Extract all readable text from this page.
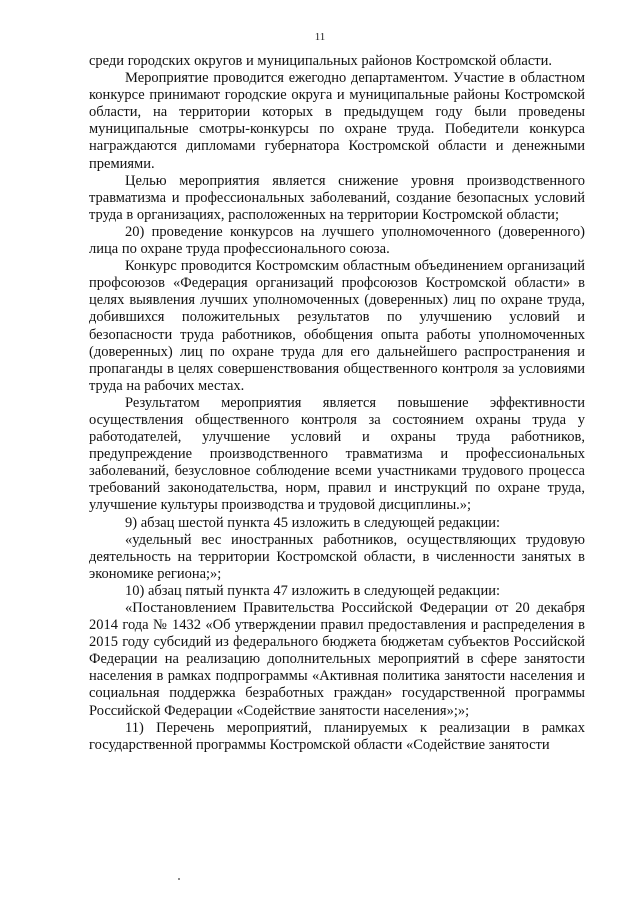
11

среди городских округов и муниципальных районов Костромской области.

Мероприятие проводится ежегодно департаментом. Участие в областном конкурсе принимают городские округа и муниципальные районы Костромской области, на территории которых в предыдущем году были проведены муниципальные смотры-конкурсы по охране труда. Победители конкурса награждаются дипломами губернатора Костромской области и денежными премиями.

Целью мероприятия является снижение уровня производственного травматизма и профессиональных заболеваний, создание безопасных условий труда в организациях, расположенных на территории Костромской области;

20) проведение конкурсов на лучшего уполномоченного (доверенного) лица по охране труда профессионального союза.

Конкурс проводится Костромским областным объединением организаций профсоюзов «Федерация организаций профсоюзов Костромской области» в целях выявления лучших уполномоченных (доверенных) лиц по охране труда, добившихся положительных результатов по улучшению условий и безопасности труда работников, обобщения опыта работы уполномоченных (доверенных) лиц по охране труда для его дальнейшего распространения и пропаганды в целях совершенствования общественного контроля за условиями труда на рабочих местах.

Результатом мероприятия является повышение эффективности осуществления общественного контроля за состоянием охраны труда у работодателей, улучшение условий и охраны труда работников, предупреждение производственного травматизма и профессиональных заболеваний, безусловное соблюдение всеми участниками трудового процесса требований законодательства, норм, правил и инструкций по охране труда, улучшение культуры производства и трудовой дисциплины.»;

9) абзац шестой пункта 45 изложить в следующей редакции:

«удельный вес иностранных работников, осуществляющих трудовую деятельность на территории Костромской области, в численности занятых в экономике региона;»;

10) абзац пятый пункта 47 изложить в следующей редакции:

«Постановлением Правительства Российской Федерации от 20 декабря 2014 года № 1432 «Об утверждении правил предоставления и распределения в 2015 году субсидий из федерального бюджета бюджетам субъектов Российской Федерации на реализацию дополнительных мероприятий в сфере занятости населения в рамках подпрограммы «Активная политика занятости населения и социальная поддержка безработных граждан» государственной программы Российской Федерации «Содействие занятости населения»;»;

11) Перечень мероприятий, планируемых к реализации в рамках государственной программы Костромской области «Содействие занятости
